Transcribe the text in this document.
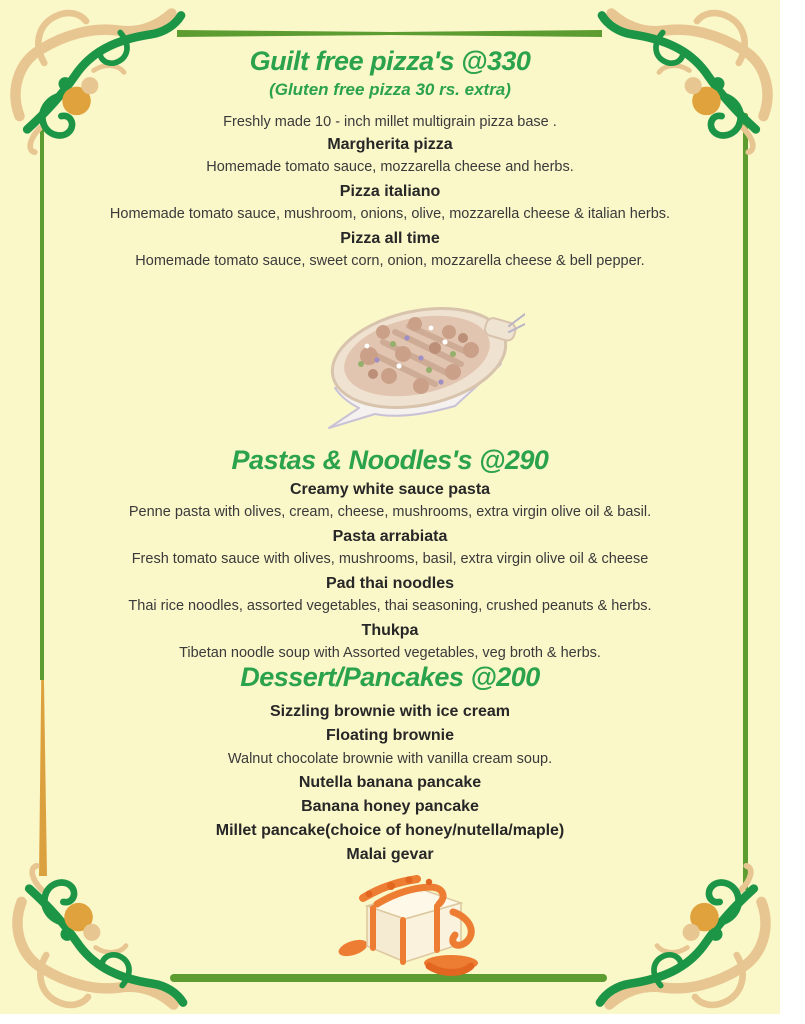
Guilt free pizza's @330
(Gluten free pizza 30 rs. extra)
Freshly made 10 - inch millet multigrain pizza base .
Margherita pizza
Homemade tomato sauce, mozzarella cheese and herbs.
Pizza italiano
Homemade tomato sauce, mushroom, onions, olive, mozzarella cheese & italian herbs.
Pizza all time
Homemade tomato sauce, sweet corn, onion, mozzarella cheese & bell pepper.
Pastas & Noodles's @290
Creamy white sauce pasta
Penne pasta with olives, cream, cheese, mushrooms, extra virgin olive oil & basil.
Pasta arrabiata
Fresh tomato sauce with olives, mushrooms, basil, extra virgin olive oil & cheese
Pad thai noodles
Thai rice noodles, assorted vegetables, thai seasoning, crushed peanuts & herbs.
Thukpa
Tibetan noodle soup with Assorted vegetables, veg broth & herbs.
Dessert/Pancakes @200
Sizzling brownie with ice cream
Floating brownie
Walnut chocolate brownie with vanilla cream soup.
Nutella banana pancake
Banana honey pancake
Millet pancake(choice of honey/nutella/maple)
Malai gevar
